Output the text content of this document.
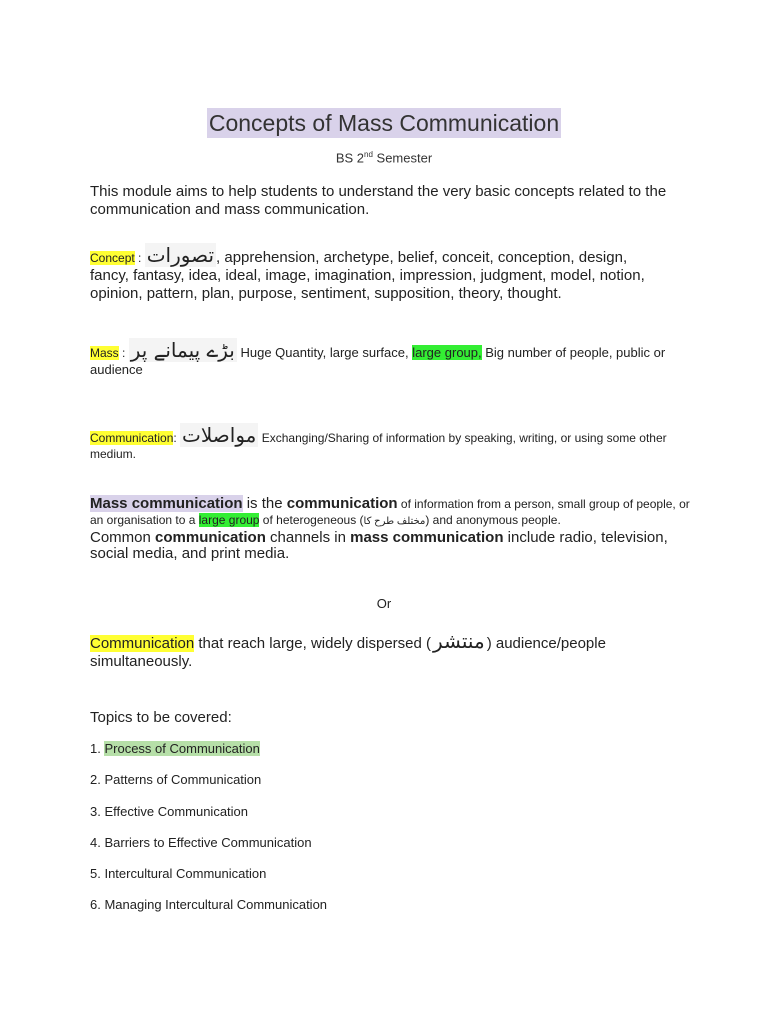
Concepts of Mass Communication
BS 2nd Semester
This module aims to help students to understand the very basic concepts related to the communication and mass communication.
Concept : تصورات , apprehension, archetype, belief, conceit, conception, design, fancy, fantasy, idea, ideal, image, imagination, impression, judgment, model, notion, opinion, pattern, plan, purpose, sentiment, supposition, theory, thought.
Mass : بڑے پیمانے پر Huge Quantity, large surface, large group, Big number of people, public or audience
Communication: مواصلات Exchanging/Sharing of information by speaking, writing, or using some other medium.
Mass communication is the communication of information from a person, small group of people, or an organisation to a large group of heterogeneous (مختلف طرح کا) and anonymous people.
Common communication channels in mass communication include radio, television, social media, and print media.
Or
Communication that reach large, widely dispersed ( منتشر ) audience/people simultaneously.
Topics to be covered:
1. Process of Communication
2. Patterns of Communication
3. Effective Communication
4. Barriers to Effective Communication
5. Intercultural Communication
6. Managing Intercultural Communication
